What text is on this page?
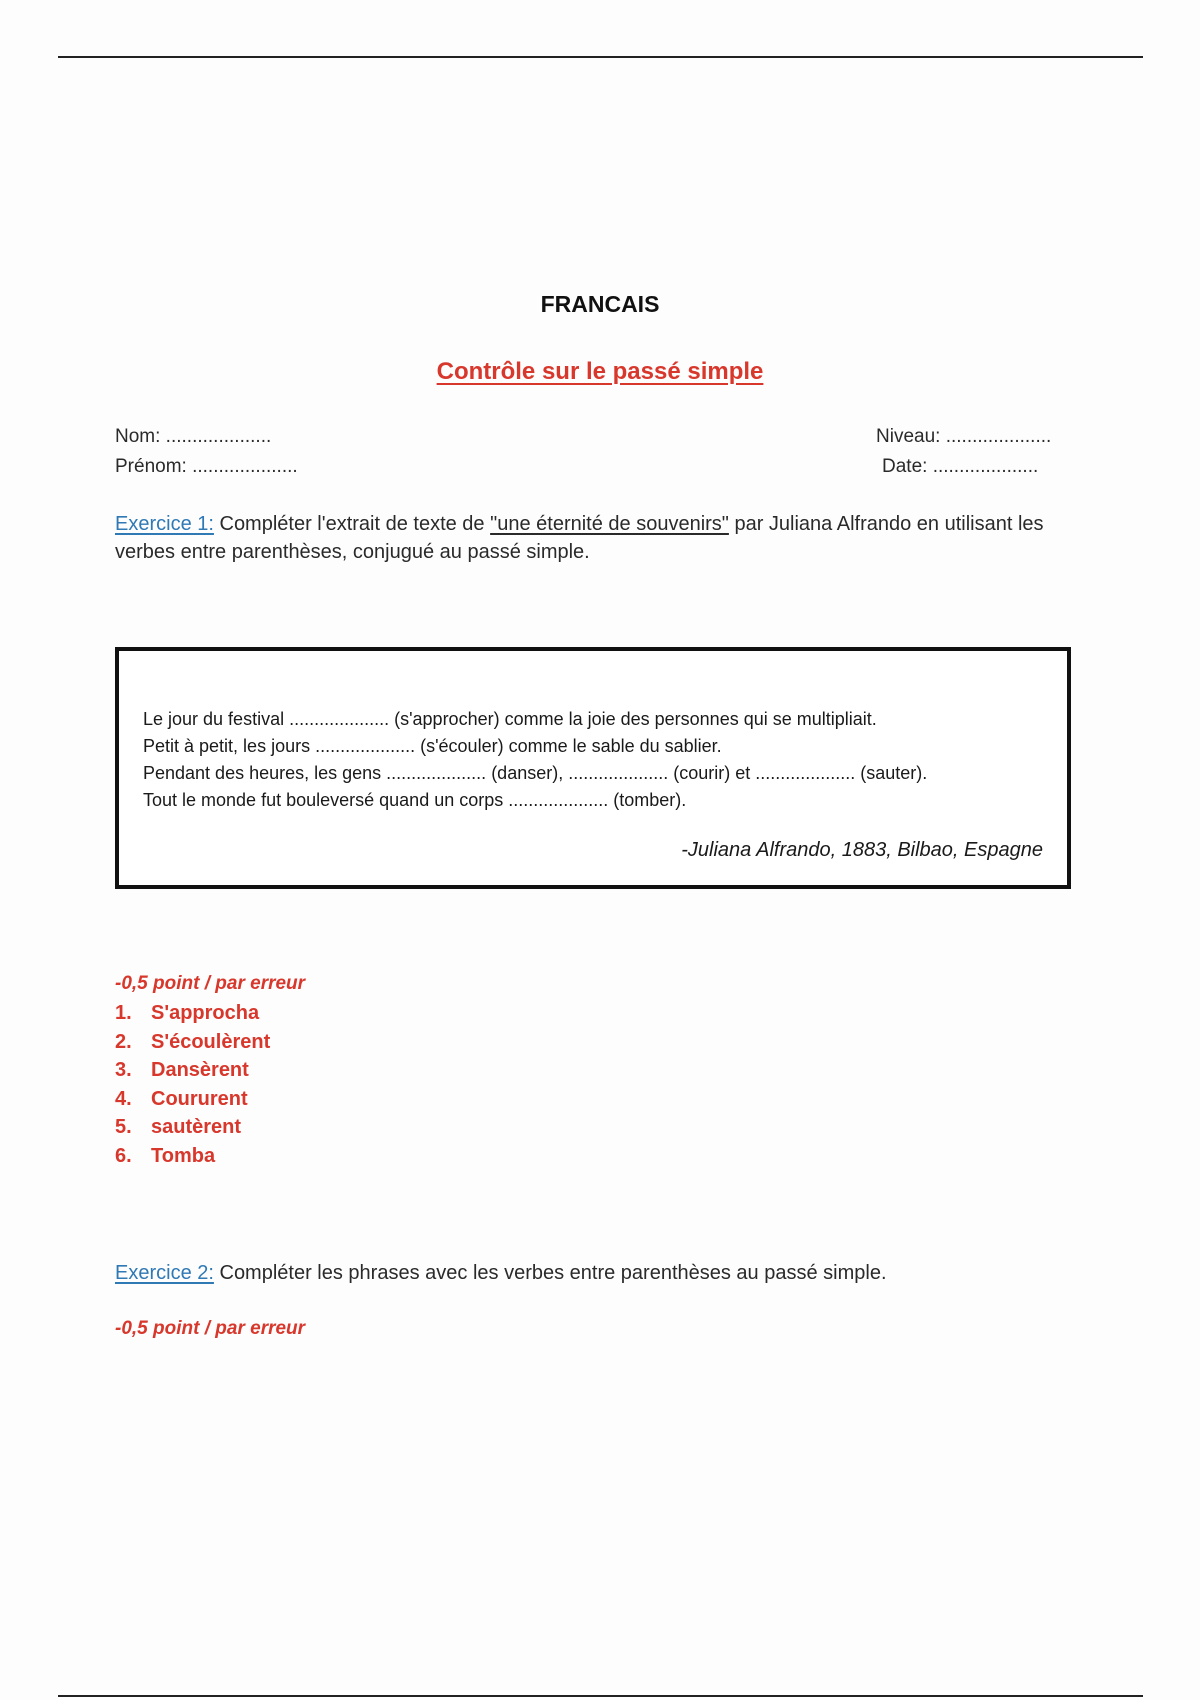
FRANCAIS
Contrôle sur le passé simple
Nom: ....................
Prénom: ....................
Niveau: ....................
Date: ....................
Exercice 1: Compléter l'extrait de texte de "une éternité de souvenirs" par Juliana Alfrando en utilisant les verbes entre parenthèses, conjugué au passé simple.
Le jour du festival .................... (s'approcher) comme la joie des personnes qui se multipliait.
Petit à petit, les jours .................... (s'écouler) comme le sable du sablier.
Pendant des heures, les gens .................... (danser), .................... (courir) et .................... (sauter).
Tout le monde fut bouleversé quand un corps .................... (tomber).
-Juliana Alfrando, 1883, Bilbao, Espagne
-0,5 point / par erreur
1. S'approcha
2. S'écoulèrent
3. Dansèrent
4. Coururent
5. sautèrent
6. Tomba
Exercice 2: Compléter les phrases avec les verbes entre parenthèses au passé simple.
-0,5 point / par erreur
